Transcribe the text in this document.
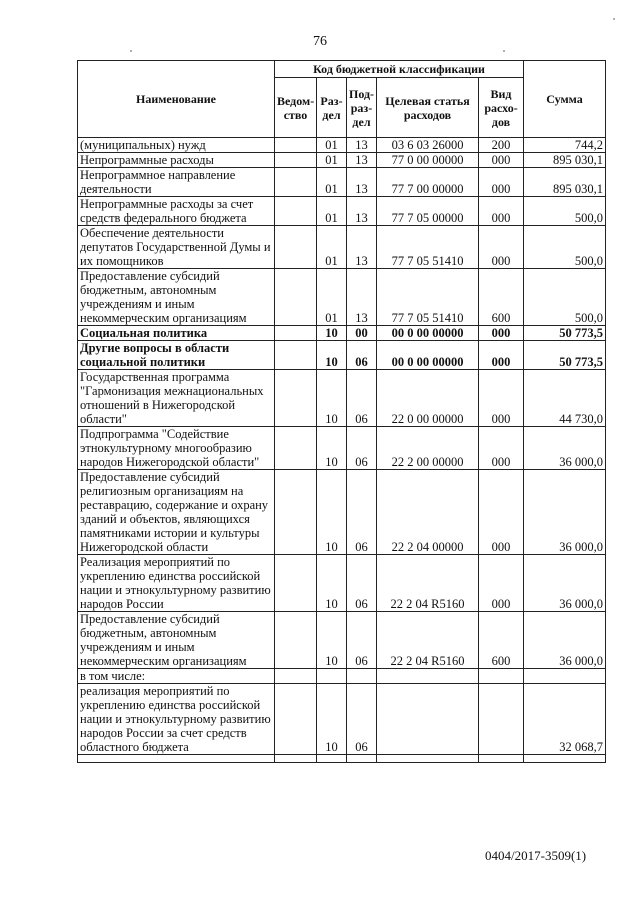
76
Наименование	Код бюджетной классификации					Сумма
	Ведом-ство	Раз-дел	Под-раз-дел	Целевая статья расходов	Вид расхо-дов	
(муниципальных) нужд		01	13	03 6 03 26000	200	744,2
Непрограммные расходы		01	13	77 0 00 00000	000	895 030,1
Непрограммное направление деятельности		01	13	77 7 00 00000	000	895 030,1
Непрограммные расходы за счет средств федерального бюджета		01	13	77 7 05 00000	000	500,0
Обеспечение деятельности депутатов Государственной Думы и их помощников		01	13	77 7 05 51410	000	500,0
Предоставление субсидий бюджетным, автономным учреждениям и иным некоммерческим организациям		01	13	77 7 05 51410	600	500,0
Социальная политика		10	00	00 0 00 00000	000	50 773,5
Другие вопросы в области социальной политики		10	06	00 0 00 00000	000	50 773,5
Государственная программа "Гармонизация межнациональных отношений в Нижегородской области"		10	06	22 0 00 00000	000	44 730,0
Подпрограмма "Содействие этнокультурному многообразию народов Нижегородской области"		10	06	22 2 00 00000	000	36 000,0
Предоставление субсидий религиозным организациям на реставрацию, содержание и охрану зданий и объектов, являющихся памятниками истории и культуры Нижегородской области		10	06	22 2 04 00000	000	36 000,0
Реализация мероприятий по укреплению единства российской нации и этнокультурному развитию народов России		10	06	22 2 04 R5160	000	36 000,0
Предоставление субсидий бюджетным, автономным учреждениям и иным некоммерческим организациям		10	06	22 2 04 R5160	600	36 000,0
в том числе:						
реализация мероприятий по укреплению единства российской нации и этнокультурному развитию народов России за счет средств областного бюджета		10	06			32 068,7

0404/2017-3509(1)
